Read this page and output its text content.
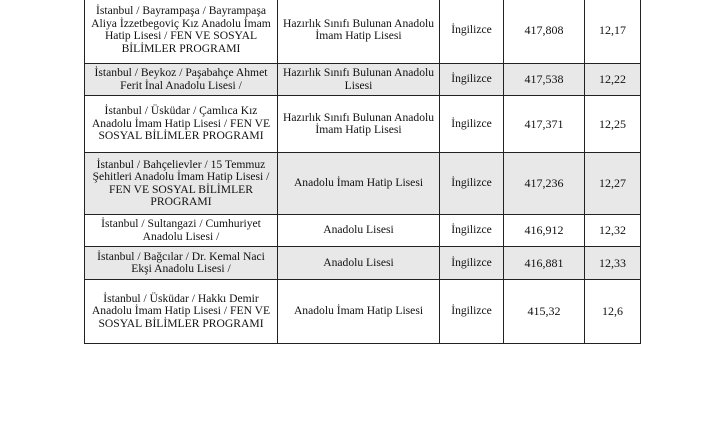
İstanbul / Bayrampaşa / Bayrampaşa Aliya İzzetbegoviç Kız Anadolu İmam Hatip Lisesi / FEN VE SOSYAL BİLİMLER PROGRAMI	Hazırlık Sınıfı Bulunan Anadolu İmam Hatip Lisesi	İngilizce	417,808	12,17
İstanbul / Beykoz / Paşabahçe Ahmet Ferit İnal Anadolu Lisesi /	Hazırlık Sınıfı Bulunan Anadolu Lisesi	İngilizce	417,538	12,22
İstanbul / Üsküdar / Çamlıca Kız Anadolu İmam Hatip Lisesi / FEN VE SOSYAL BİLİMLER PROGRAMI	Hazırlık Sınıfı Bulunan Anadolu İmam Hatip Lisesi	İngilizce	417,371	12,25
İstanbul / Bahçelievler / 15 Temmuz Şehitleri Anadolu İmam Hatip Lisesi / FEN VE SOSYAL BİLİMLER PROGRAMI	Anadolu İmam Hatip Lisesi	İngilizce	417,236	12,27
İstanbul / Sultangazi / Cumhuriyet Anadolu Lisesi /	Anadolu Lisesi	İngilizce	416,912	12,32
İstanbul / Bağcılar / Dr. Kemal Naci Ekşi Anadolu Lisesi /	Anadolu Lisesi	İngilizce	416,881	12,33
İstanbul / Üsküdar / Hakkı Demir Anadolu İmam Hatip Lisesi / FEN VE SOSYAL BİLİMLER PROGRAMI	Anadolu İmam Hatip Lisesi	İngilizce	415,32	12,6
